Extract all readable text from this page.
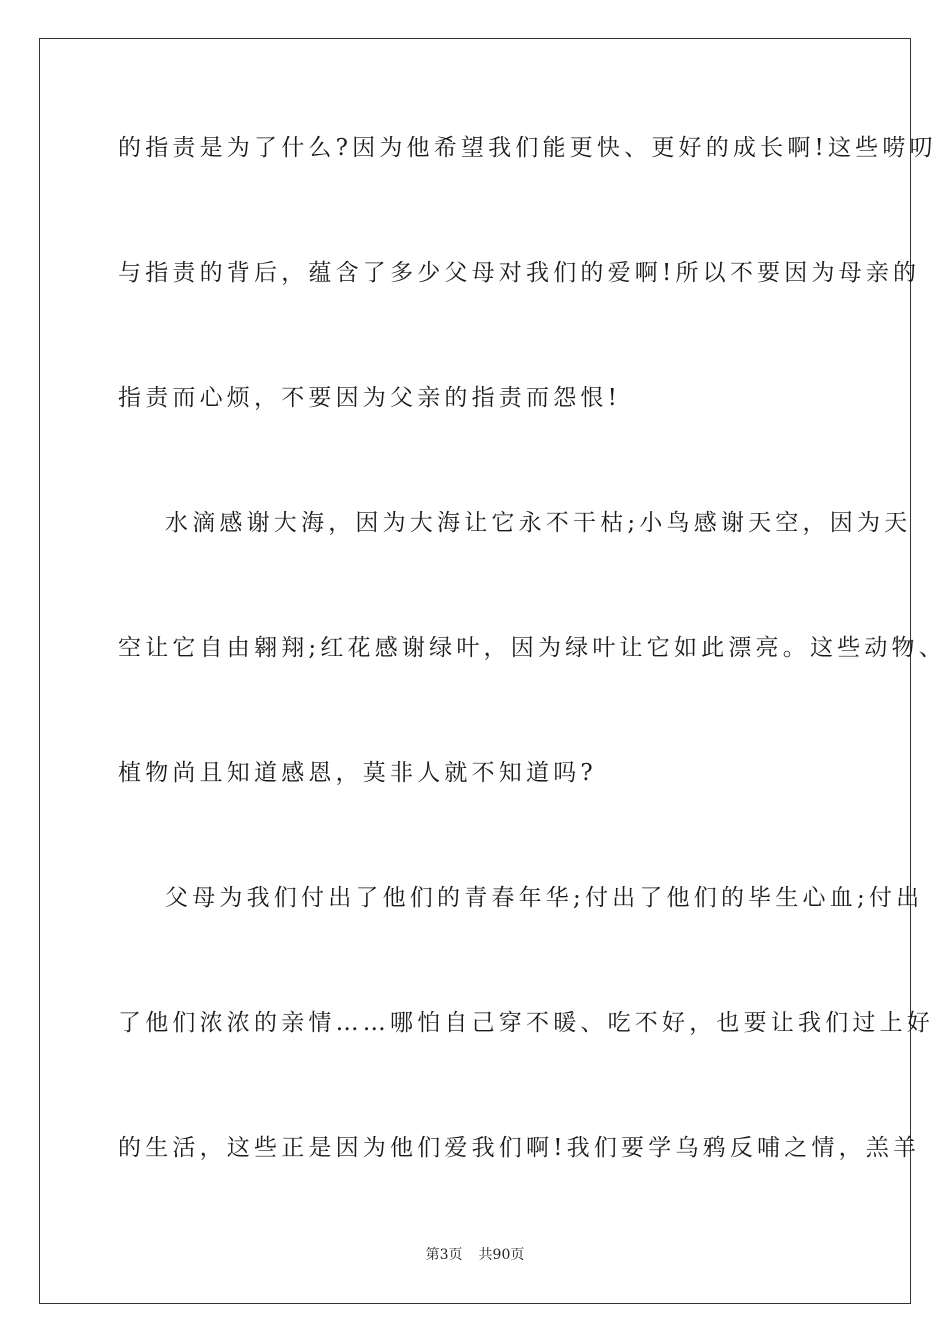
的指责是为了什么?因为他希望我们能更快、更好的成长啊!这些唠叨
与指责的背后，蕴含了多少父母对我们的爱啊!所以不要因为母亲的
指责而心烦，不要因为父亲的指责而怨恨!
水滴感谢大海，因为大海让它永不干枯;小鸟感谢天空，因为天
空让它自由翱翔;红花感谢绿叶，因为绿叶让它如此漂亮。这些动物、
植物尚且知道感恩，莫非人就不知道吗?
父母为我们付出了他们的青春年华;付出了他们的毕生心血;付出
了他们浓浓的亲情……哪怕自己穿不暖、吃不好，也要让我们过上好
的生活，这些正是因为他们爱我们啊!我们要学乌鸦反哺之情，羔羊
第3页 共90页
